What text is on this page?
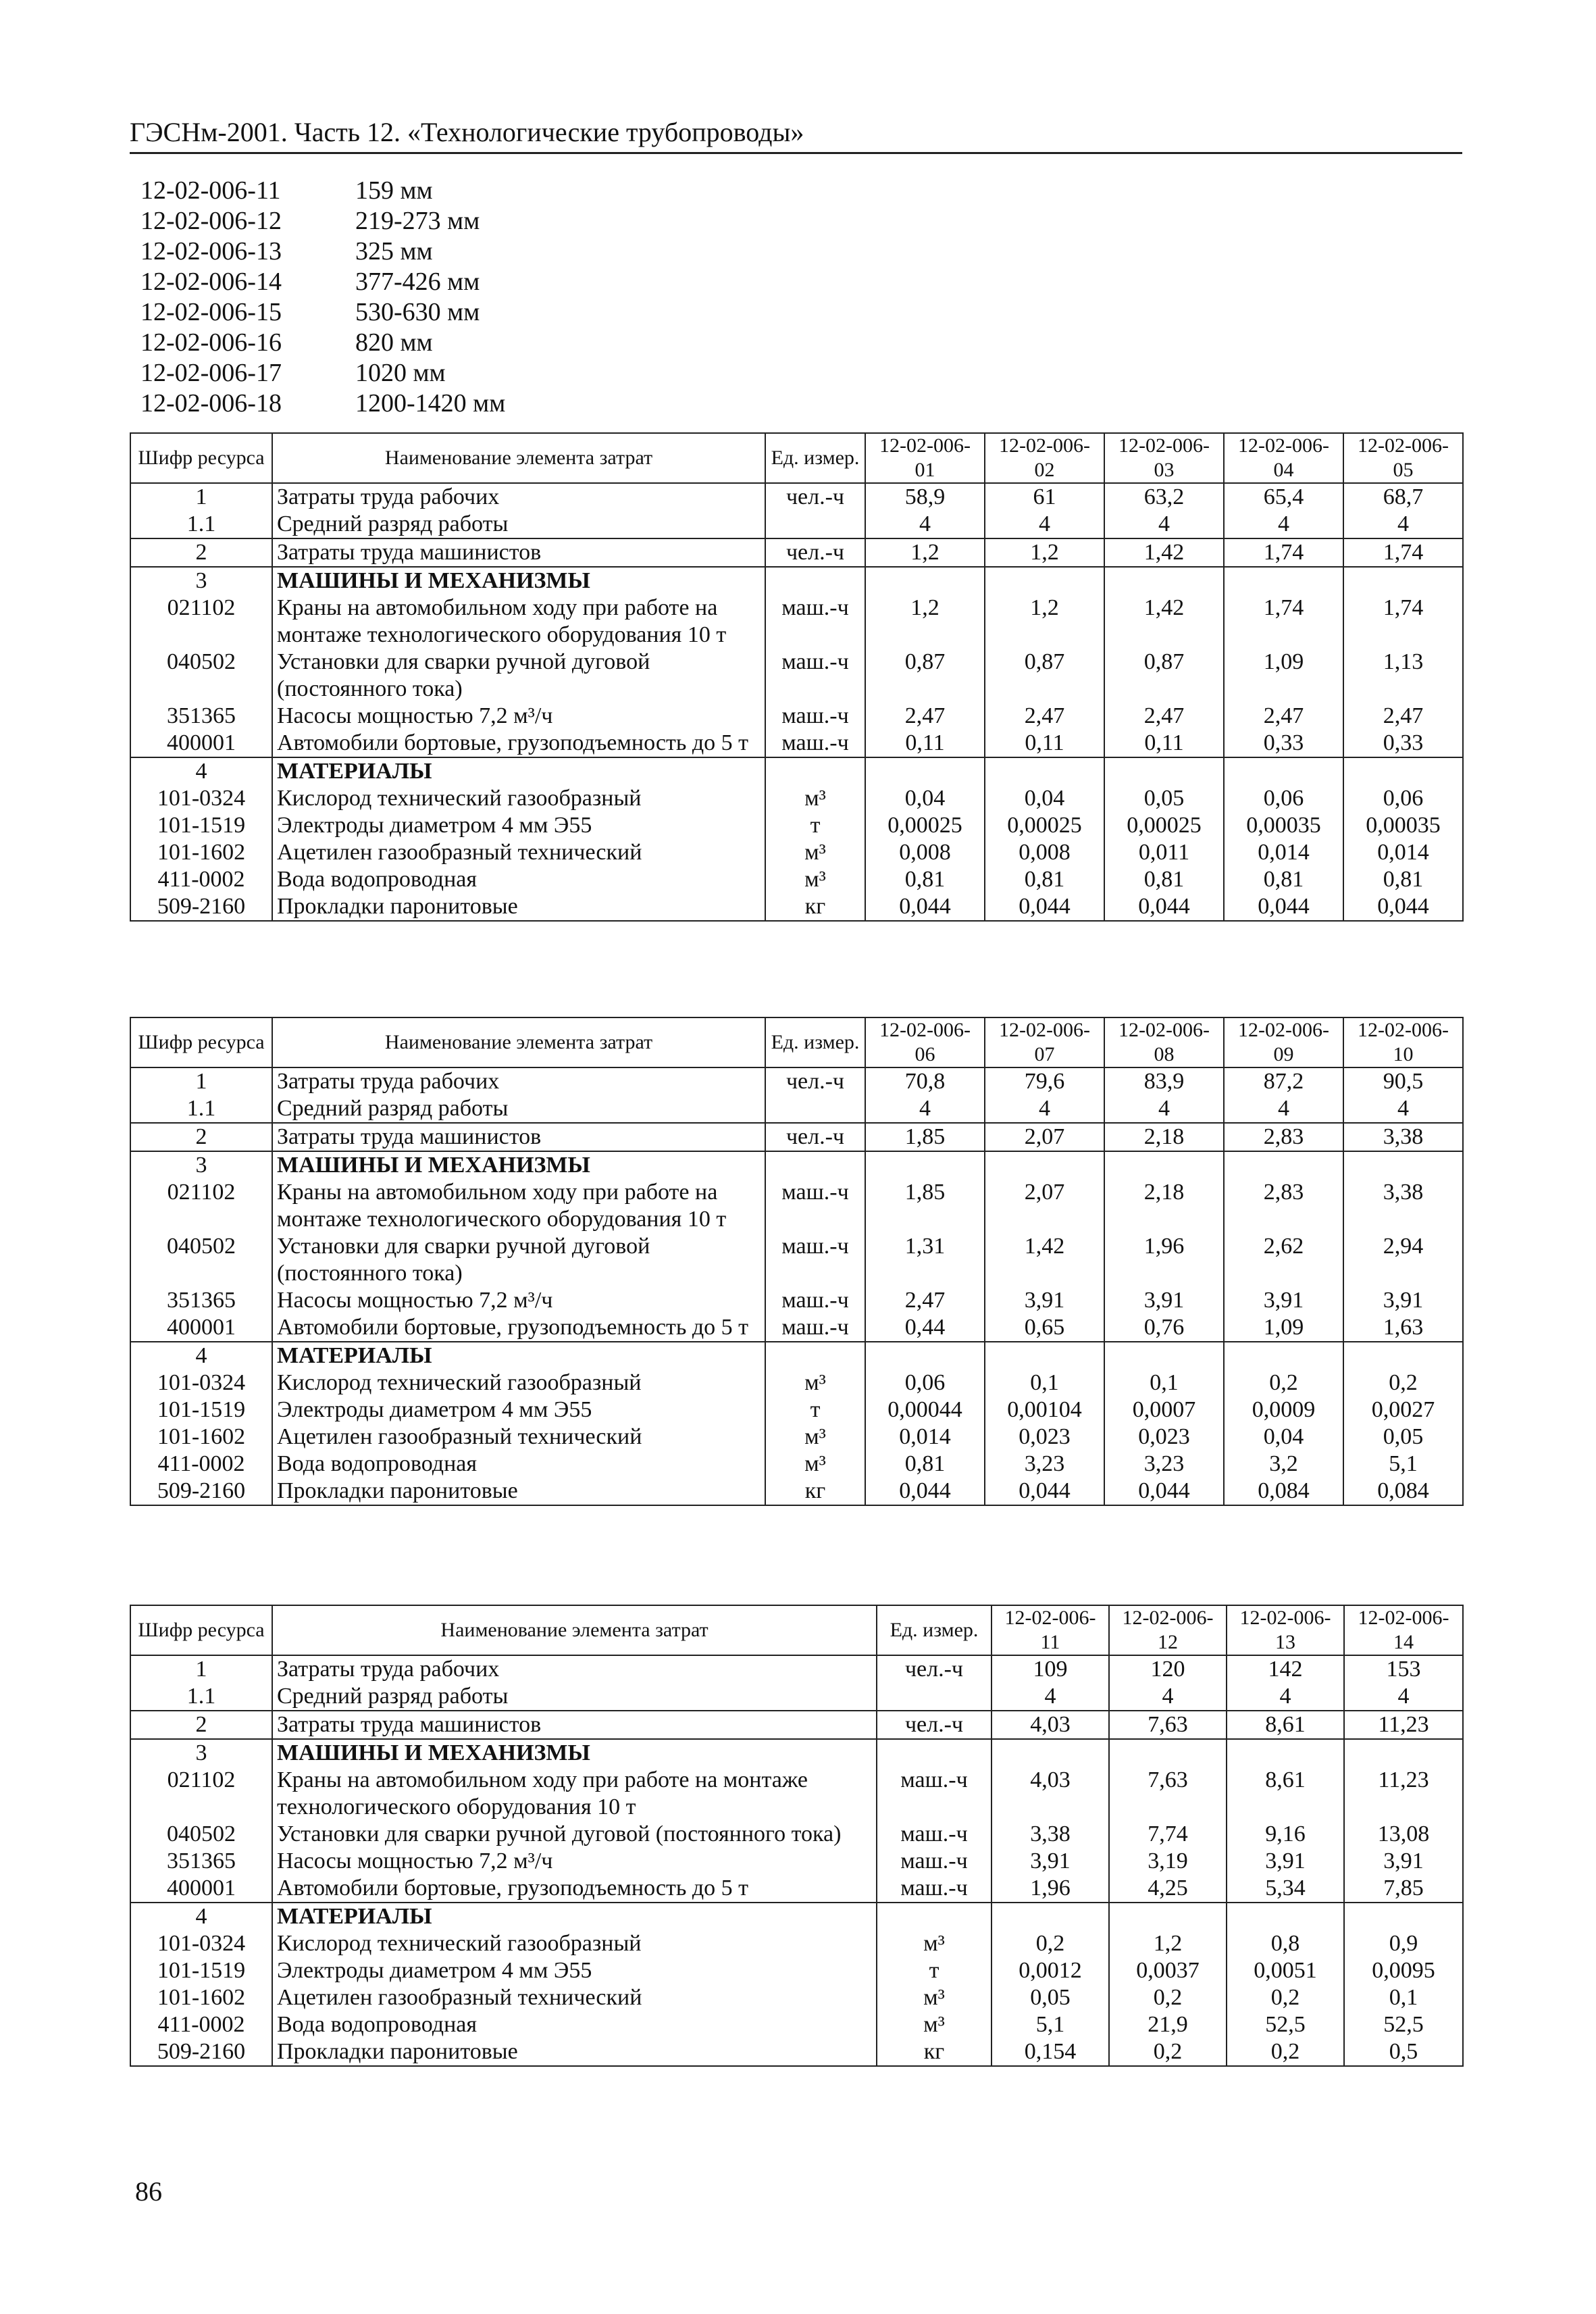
ГЭСНм-2001. Часть 12. «Технологические трубопроводы»
12-02-006-11	159 мм
12-02-006-12	219-273 мм
12-02-006-13	325 мм
12-02-006-14	377-426 мм
12-02-006-15	530-630 мм
12-02-006-16	820 мм
12-02-006-17	1020 мм
12-02-006-18	1200-1420 мм
Шифр ресурса	Наименование элемента затрат	Ед. измер.	12-02-006-01	12-02-006-02	12-02-006-03	12-02-006-04	12-02-006-05
1	Затраты труда рабочих	чел.-ч	58,9	61	63,2	65,4	68,7
1.1	Средний разряд работы		4	4	4	4	4
2	Затраты труда машинистов	чел.-ч	1,2	1,2	1,42	1,74	1,74
3	МАШИНЫ И МЕХАНИЗМЫ						
021102	Краны на автомобильном ходу при работе на монтаже технологического оборудования 10 т	маш.-ч	1,2	1,2	1,42	1,74	1,74
040502	Установки для сварки ручной дуговой (постоянного тока)	маш.-ч	0,87	0,87	0,87	1,09	1,13
351365	Насосы мощностью 7,2 м³/ч	маш.-ч	2,47	2,47	2,47	2,47	2,47
400001	Автомобили бортовые, грузоподъемность до 5 т	маш.-ч	0,11	0,11	0,11	0,33	0,33
4	МАТЕРИАЛЫ						
101-0324	Кислород технический газообразный	м³	0,04	0,04	0,05	0,06	0,06
101-1519	Электроды диаметром 4 мм Э55	т	0,00025	0,00025	0,00025	0,00035	0,00035
101-1602	Ацетилен газообразный технический	м³	0,008	0,008	0,011	0,014	0,014
411-0002	Вода водопроводная	м³	0,81	0,81	0,81	0,81	0,81
509-2160	Прокладки паронитовые	кг	0,044	0,044	0,044	0,044	0,044
Шифр ресурса	Наименование элемента затрат	Ед. измер.	12-02-006-06	12-02-006-07	12-02-006-08	12-02-006-09	12-02-006-10
1	Затраты труда рабочих	чел.-ч	70,8	79,6	83,9	87,2	90,5
1.1	Средний разряд работы		4	4	4	4	4
2	Затраты труда машинистов	чел.-ч	1,85	2,07	2,18	2,83	3,38
3	МАШИНЫ И МЕХАНИЗМЫ						
021102	Краны на автомобильном ходу при работе на монтаже технологического оборудования 10 т	маш.-ч	1,85	2,07	2,18	2,83	3,38
040502	Установки для сварки ручной дуговой (постоянного тока)	маш.-ч	1,31	1,42	1,96	2,62	2,94
351365	Насосы мощностью 7,2 м³/ч	маш.-ч	2,47	3,91	3,91	3,91	3,91
400001	Автомобили бортовые, грузоподъемность до 5 т	маш.-ч	0,44	0,65	0,76	1,09	1,63
4	МАТЕРИАЛЫ						
101-0324	Кислород технический газообразный	м³	0,06	0,1	0,1	0,2	0,2
101-1519	Электроды диаметром 4 мм Э55	т	0,00044	0,00104	0,0007	0,0009	0,0027
101-1602	Ацетилен газообразный технический	м³	0,014	0,023	0,023	0,04	0,05
411-0002	Вода водопроводная	м³	0,81	3,23	3,23	3,2	5,1
509-2160	Прокладки паронитовые	кг	0,044	0,044	0,044	0,084	0,084
Шифр ресурса	Наименование элемента затрат	Ед. измер.	12-02-006-11	12-02-006-12	12-02-006-13	12-02-006-14
1	Затраты труда рабочих	чел.-ч	109	120	142	153
1.1	Средний разряд работы		4	4	4	4
2	Затраты труда машинистов	чел.-ч	4,03	7,63	8,61	11,23
3	МАШИНЫ И МЕХАНИЗМЫ					
021102	Краны на автомобильном ходу при работе на монтаже технологического оборудования 10 т	маш.-ч	4,03	7,63	8,61	11,23
040502	Установки для сварки ручной дуговой (постоянного тока)	маш.-ч	3,38	7,74	9,16	13,08
351365	Насосы мощностью 7,2 м³/ч	маш.-ч	3,91	3,19	3,91	3,91
400001	Автомобили бортовые, грузоподъемность до 5 т	маш.-ч	1,96	4,25	5,34	7,85
4	МАТЕРИАЛЫ					
101-0324	Кислород технический газообразный	м³	0,2	1,2	0,8	0,9
101-1519	Электроды диаметром 4 мм Э55	т	0,0012	0,0037	0,0051	0,0095
101-1602	Ацетилен газообразный технический	м³	0,05	0,2	0,2	0,1
411-0002	Вода водопроводная	м³	5,1	21,9	52,5	52,5
509-2160	Прокладки паронитовые	кг	0,154	0,2	0,2	0,5
86
